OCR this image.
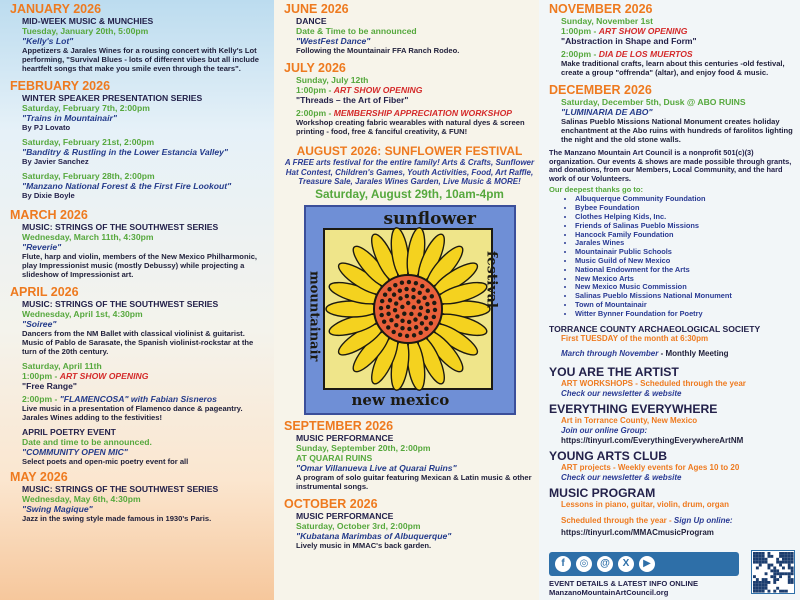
JANUARY 2026
MID-WEEK MUSIC & MUNCHIES
Tuesday, January 20th, 5:00pm
"Kelly's Lot"
Appetizers & Jarales Wines for a rousing concert with Kelly's Lot performing, "Survival Blues - lots of different vibes but all include heartfelt songs that make you smile even through the tears".
FEBRUARY 2026
WINTER SPEAKER PRESENTATION SERIES
Saturday, February 7th, 2:00pm
"Trains in Mountainair"
By PJ Lovato
Saturday, February 21st, 2:00pm
"Banditry & Rustling in the Lower Estancia Valley"
By Javier Sanchez
Saturday, February 28th, 2:00pm
"Manzano National Forest & the First Fire Lookout"
By Dixie Boyle
MARCH 2026
MUSIC: STRINGS OF THE SOUTHWEST SERIES
Wednesday, March 11th, 4:30pm
"Reverie"
Flute, harp and violin, members of the New Mexico Philharmonic, play Impressionist music (mostly Debussy) while projecting a slideshow of Impressionist art.
APRIL 2026
MUSIC: STRINGS OF THE SOUTHWEST SERIES
Wednesday, April 1st, 4:30pm
"Soiree"
Dancers from the NM Ballet with classical violinist & guitarist. Music of Pablo de Sarasate, the Spanish violinist-rockstar at the turn of the 20th century.
Saturday, April 11th
1:00pm - ART SHOW OPENING
"Free Range"
2:00pm - "FLAMENCOSA" with Fabian Sisneros
Live music in a presentation of Flamenco dance & pageantry. Jarales Wines adding to the festivities!
APRIL POETRY EVENT
Date and time to be announced.
"COMMUNITY OPEN MIC"
Select poets and open-mic poetry event for all
MAY 2026
MUSIC: STRINGS OF THE SOUTHWEST SERIES
Wednesday, May 6th, 4:30pm
"Swing Magique"
Jazz in the swing style made famous in 1930's Paris.
JUNE 2026
DANCE
Date & Time to be announced
"WestFest Dance"
Following the Mountainair FFA Ranch Rodeo.
JULY 2026
Sunday, July 12th
1:00pm - ART SHOW OPENING
"Threads – the Art of Fiber"
2:00pm - MEMBERSHIP APPRECIATION WORKSHOP
Workshop creating fabric wearables with natural dyes & screen printing - food, free & fanciful creativity, & FUN!
AUGUST 2026: SUNFLOWER FESTIVAL
A FREE arts festival for the entire family! Arts & Crafts, Sunflower Hat Contest, Children's Games, Youth Activities, Food, Art Raffle, Treasure Sale, Jarales Wines Garden, Live Music & MORE!
Saturday, August 29th, 10am-4pm
sunflower
festival
mountainair
new mexico
SEPTEMBER 2026
MUSIC PERFORMANCE
Sunday, September 20th, 2:00pm
AT QUARAI RUINS
"Omar Villanueva Live at Quarai Ruins"
A program of solo guitar featuring Mexican & Latin music & other instrumental songs.
OCTOBER 2026
MUSIC PERFORMANCE
Saturday, October 3rd, 2:00pm
"Kubatana Marimbas of Albuquerque"
Lively music in MMAC's back garden.
NOVEMBER 2026
Sunday, November 1st
1:00pm - ART SHOW OPENING
"Abstraction in Shape and Form"
2:00pm - DIA DE LOS MUERTOS
Make traditional crafts, learn about this centuries -old festival, create a group "offrenda" (altar), and enjoy food & music.
DECEMBER 2026
Saturday, December 5th, Dusk @ ABO RUINS
"LUMINARIA DE ABO"
Salinas Pueblo Missions National Monument creates holiday enchantment at the Abo ruins with hundreds of farolitos lighting the night and the old stone walls.
The Manzano Mountain Art Council is a nonprofit 501(c)(3) organization. Our events & shows are made possible through grants, and donations, from our Members, Local Community, and the hard work of our Volunteers.
Our deepest thanks go to:
• Albuquerque Community Foundation
• Bybee Foundation
• Clothes Helping Kids, Inc.
• Friends of Salinas Pueblo Missions
• Hancock Family Foundation
• Jarales Wines
• Mountainair Public Schools
• Music Guild of New Mexico
• National Endowment for the Arts
• New Mexico Arts
• New Mexico Music Commission
• Salinas Pueblo Missions National Monument
• Town of Mountainair
• Witter Bynner Foundation for Poetry
TORRANCE COUNTY ARCHAEOLOGICAL SOCIETY
First TUESDAY of the month at 6:30pm
March through November - Monthly Meeting
YOU ARE THE ARTIST
ART WORKSHOPS - Scheduled through the year
Check our newsletter & website
EVERYTHING EVERYWHERE
Art in Torrance County, New Mexico
Join our online Group:
https://tinyurl.com/EverythingEverywhereArtNM
YOUNG ARTS CLUB
ART projects - Weekly events for Ages 10 to 20
Check our newsletter & website
MUSIC PROGRAM
Lessons in piano, guitar, violin, drum, organ
Scheduled through the year - Sign Up online:
https://tinyurl.com/MMACmusicProgram
f	◎	@	X	▶
EVENT DETAILS & LATEST INFO ONLINE
ManzanoMountainArtCouncil.org
